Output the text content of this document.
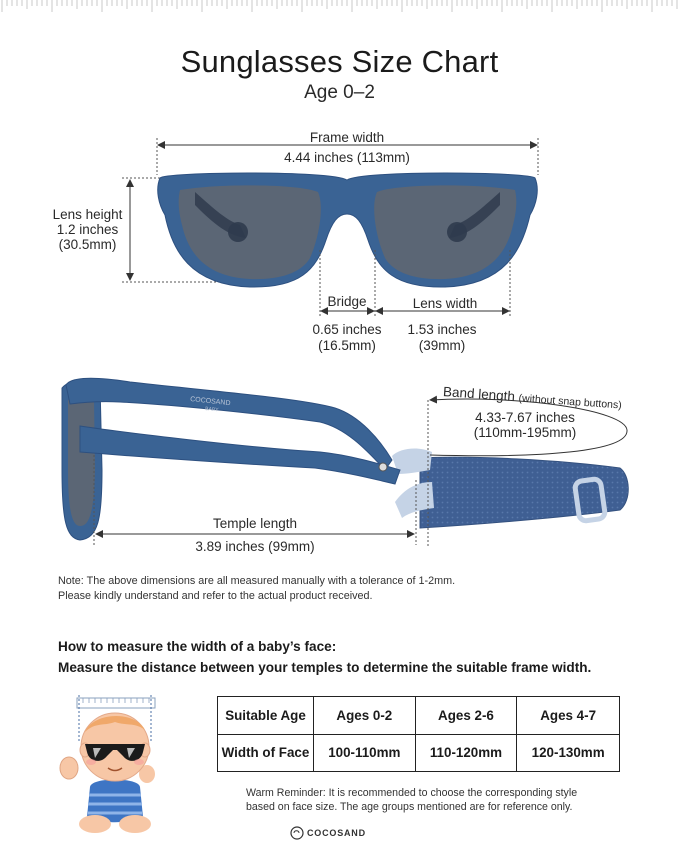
Sunglasses Size Chart
Age 0–2
Frame width
4.44 inches (113mm)
Lens height
1.2 inches
(30.5mm)
Bridge
0.65 inches
(16.5mm)
Lens width
1.53 inches
(39mm)
COCOSAND
BABY
Temple length
3.89 inches (99mm)
Band length (without snap buttons)
4.33-7.67 inches
(110mm-195mm)
Note: The above dimensions are all measured manually with a tolerance of 1-2mm.
Please kindly understand and refer to the actual product received.
How to measure the width of a baby’s face:
Measure the distance between your temples to determine the suitable frame width.
Suitable Age	Ages 0-2	Ages 2-6	Ages 4-7
Width of Face	100-110mm	110-120mm	120-130mm
Warm Reminder: It is recommended to choose the corresponding style
based on face size. The age groups mentioned are for reference only.
COCOSAND
